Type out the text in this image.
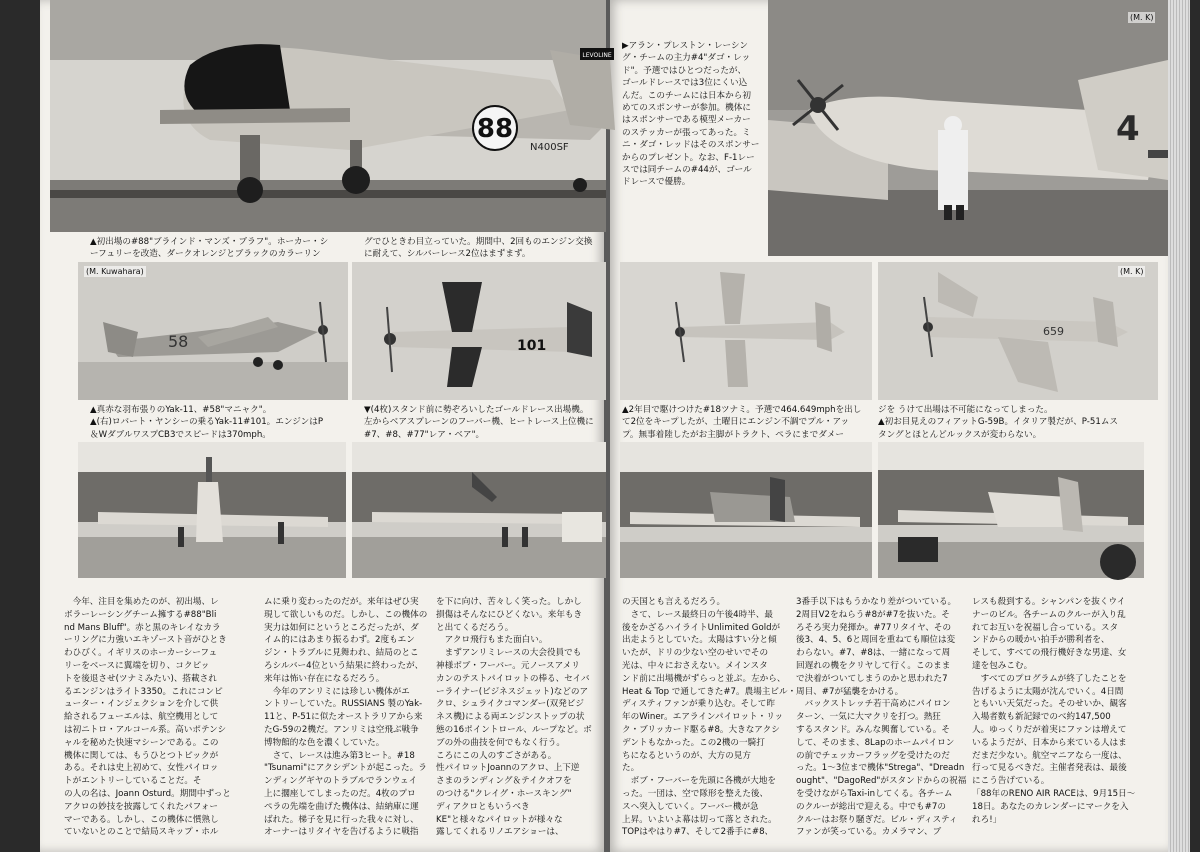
88
N400SF
LEVOLINE
4
(M. K)
▲初出場の#88"ブラインド・マンズ・ブラフ"。ホーカー・シ
ーフュリーを改造、ダークオレンジとブラックのカラーリン
グでひときわ目立っていた。期間中、2回ものエンジン交換
に耐えて、シルバーレース2位はまずまず。
▶アラン・プレストン・レーシン
グ・チームの主力#4"ダゴ・レッ
ド"。予選ではひとつだったが、
ゴールドレースでは3位にくい込
んだ。このチームには日本から初
めてのスポンサーが参加。機体に
はスポンサーである模型メーカー
のステッカーが張ってあった。ミ
ニ・ダゴ・レッドはそのスポンサー
からのプレゼント。なお、F-1レー
スでは同チームの#44が、ゴール
ドレースで優勝。
58
(M. Kuwahara)
101
659
(M. K)
▲真赤な羽布張りのYak-11、#58"マニャク"。
▲(右)ロバート・ヤンシーの乗るYak-11#101。エンジンはP
＆WダブルワスプCB3でスピードは370mph。
▼(4枚)スタンド前に勢ぞろいしたゴールドレース出場機。
左からベアスプレーンのフーバー機、ヒートレース上位機に
#7、#8、#77"レア・ベア"。
▲2年目で駆けつけた#18ツナミ。予選で464.649mphを出し
て2位をキープしたが、土曜日にエンジン不調でプル・アッ
プ。無事着陸したがお主脚がトラクト、ペラにまでダメー
ジを うけて出場は不可能になってしまった。
▲初お目見えのフィアットG-59B。イタリア製だが、P-51ムス
タングとほとんどルックスが変わらない。
　今年、注目を集めたのが、初出場、レ
ボラーレーシングチーム擁する#88"Bli
nd Mans Bluff"。赤と黒のキレイなカラ
ーリングに力強いエキゾースト音がひとき
わひびく。イギリスのホーカーシーフュ
リーをベースに翼端を切り、コクピッ
トを後退させ(ツナミみたい)、搭載され
るエンジンはライト3350。これにコンピ
ューター・インジェクションを介して供
給されるフューエルは、航空機用として
は初ニトロ・アルコール系。高いポテンシ
ャルを秘めた快速マシーンである。この
機体に関しては、もうひとつトピックが
ある。それは史上初めて、女性パイロッ
トがエントリーしていることだ。そ
の人の名は、Joann Osturd。期間中ずっと
アクロの妙技を披露してくれたパフォー
マーである。しかし、この機体に慣熟し
ていないとのことで結局スキップ・ホル
ムに乗り変わったのだが。来年はぜひ実
現して欲しいものだ。しかし、この機体の
実力は如何にというところだったが、ダ
イム的にはあまり振るわず。2度もエン
ジン・トラブルに見舞われ、結局のとこ
ろシルバー4位という結果に終わったが、
来年は怖い存在になるだろう。
　今年のアンリミには珍しい機体がエ
ントリーしていた。RUSSIANS 製のYak-
11と、P-51に似たオーストラリアから来
たG-59の2機だ。アンリミは空飛ぶ戦争
博物館的な色を濃くしていた。
　さて、レースは進み第3ヒート。#18
"Tsunami"にアクシデントが起こった。ラ
ンディングギヤのトラブルでランウェイ
上に擱座してしまったのだ。4枚のプロ
ペラの先端を曲げた機体は、結納庫に運
ばれた。梯子を見に行った我々に対し、
オーナーはリタイヤを告げるように戦指
を下に向け、苦々しく笑った。しかし
損傷はそんなにひどくない。来年もき
と出てくるだろう。
　アクロ飛行もまた面白い。
　まずアンリミレースの大会役員でも
神様ボブ・フーバー。元ノースアメリ
カンのテストパイロットの棒る、セイバ
ーライナー(ビジネスジェット)などのア
クロ、シュライクコマンダー(双発ビジ
ネス機)による両エンジンストップの状
態の16ポイントロール、ループなど。ボ
ブの外の曲技を何でもなく行う。
ころにこの人のすごさがある。
性パイロットJoannのアクロ、上下逆
さまのランディング＆テイクオフを
のつける"クレイグ・ホースキング"
ディアクロともいうべき
KE"と様々なパイロットが様々な
露してくれるリノエアショーは、
の天国とも言えるだろう。
　さて、レース最終日の午後4時半、最
後をかざるハイライトUnlimited Goldが
出走ようとしていた。太陽はすい分と傾
いたが、ドリの少ない空のせいでその
光は、中々におさえない。メインスタ
ンド前に出場機がずらっと並ぶ。左から、
Heat & Top で通してきた#7。農場主ビル・
ディスティファンが乗り込む。そして昨
年のWiner。エアラインパイロット・リッ
ク・ブリッカード駆る#8。大きなアクシ
デントもなかった。この2機の一騎打
ちになるというのが、大方の見方
た。
　ボブ・フーバーを先頭に各機が大地を
った。一団は、空で隊形を整えた後、
スへ突入していく。フーバー機が急
上昇。いよいよ幕は切って落とされた。
TOPはやはり#7、そして2番手に#8、
3番手以下はもうかなり差がついている。
2周目V2をねらう#8が#7を抜いた。そ
ろそろ実力発揮か。#77リタイヤ、その
後3、4、5、6と周回を重ねても順位は変
わらない。#7、#8は、一緒になって周
回遅れの機をクリヤして行く。このまま
で決着がついてしまうのかと思われた7
周目、#7が猛襲をかける。
　バックストレッチ若干高めにパイロン
ターン、一気に大マクリを打つ。熱狂
するスタンド。みんな興奮している。そ
して、そのまま、8Lapのホームパイロン
の前でチェッカーフラッグを受けたのだ
った。1〜3位まで機体"Strega"、"Dreadn
ought"、"DagoRed"がスタンドからの祝福
を受けながらTaxi-inしてくる。各チーム
のクルーが総出で迎える。中でも#7の
クルーはお祭り騒ぎだ。ビル・ディスティ
ファンが笑っている。カメラマン、ブ
レスも殺到する。シャンパンを抜くウイ
ナーのビル。各チームのクルーが入り乱
れてお互いを祝福し合っている。スタ
ンドからの暖かい拍手が勝利者を、
そして、すべての飛行機好きな男達、女
達を包みこむ。
　すべてのプログラムが終了したことを
告げるように太陽が沈んでいく。4日間
ともいい天気だった。そのせいか、観客
入場者数も新記録でのべ約147,500
人。ゆっくりだが着実にファンは増えて
いるようだが、日本から来ている人はま
だまだ少ない。航空マニアなら一度は、
行って見るべきだ。主催者発表は、最後
にこう告げている。
「88年のRENO AIR RACEは、9月15日〜
18日。あなたのカレンダーにマークを入
れろ!」
